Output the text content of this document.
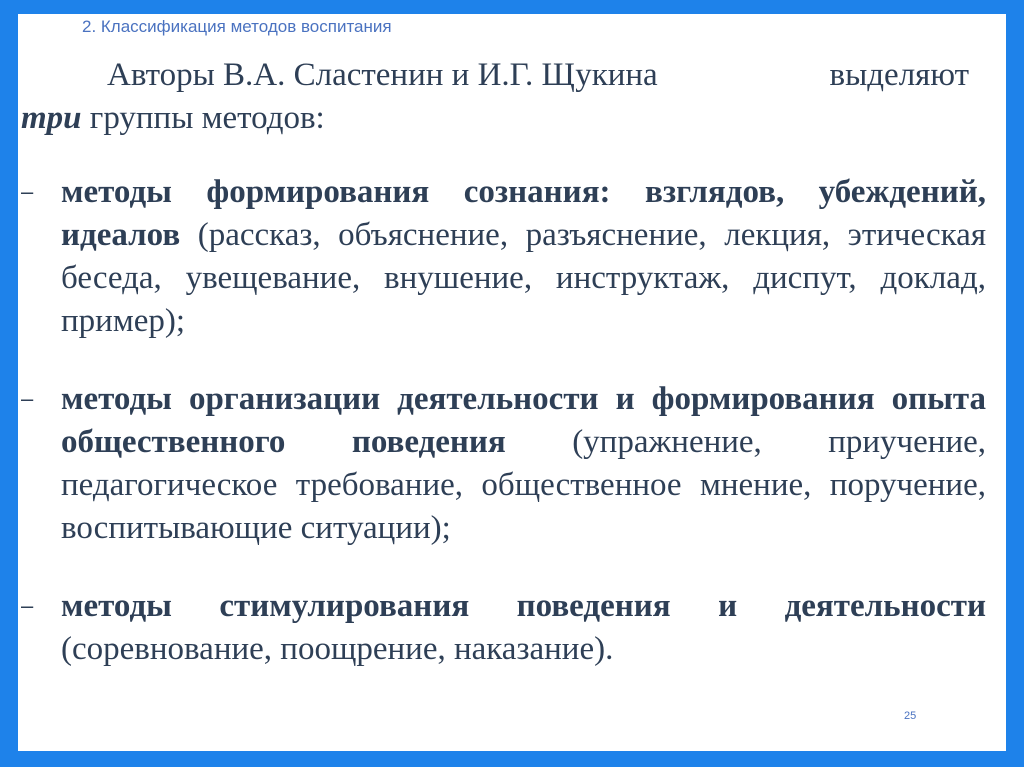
2. Классификация методов воспитания
Авторы В.А. Сластенин и И.Г. Щукина	выделяют
три группы методов:
– методы формирования сознания: взглядов, убеждений, идеалов (рассказ, объяснение, разъяснение, лекция, этическая беседа, увещевание, внушение, инструктаж, диспут, доклад, пример);
– методы организации деятельности и формирования опыта общественного поведения (упражнение, приучение, педагогическое требование, общественное мнение, поручение, воспитывающие ситуации);
– методы стимулирования поведения и деятельности (соревнование, поощрение, наказание).
25
